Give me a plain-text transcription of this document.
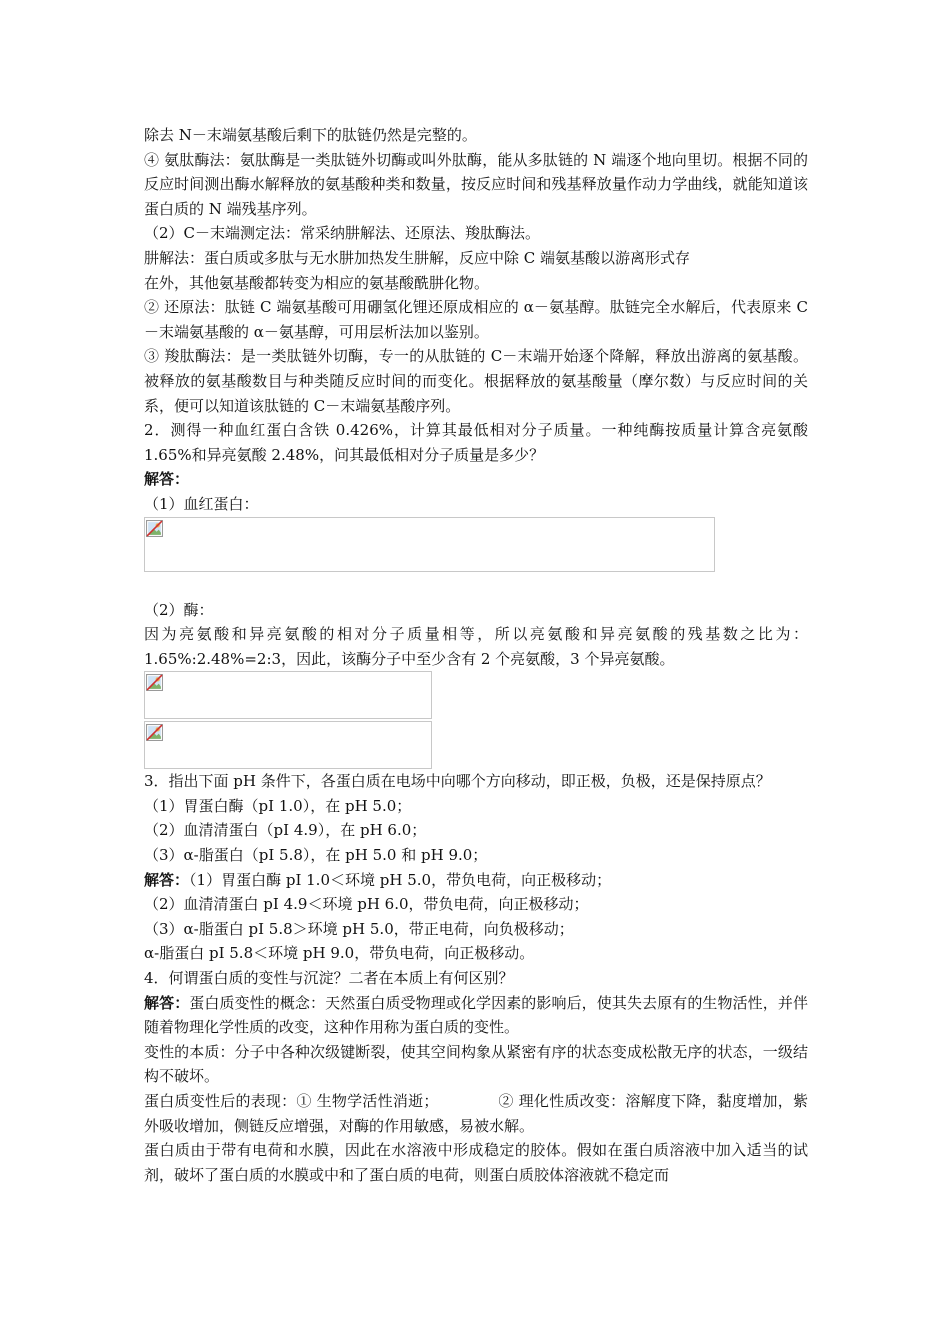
除去 N－末端氨基酸后剩下的肽链仍然是完整的。

④ 氨肽酶法：氨肽酶是一类肽链外切酶或叫外肽酶，能从多肽链的 N 端逐个地向里切。根据不同的反应时间测出酶水解释放的氨基酸种类和数量，按反应时间和残基释放量作动力学曲线，就能知道该蛋白质的 N 端残基序列。

（2）C－末端测定法：常采纳肼解法、还原法、羧肽酶法。

肼解法：蛋白质或多肽与无水肼加热发生肼解，反应中除 C 端氨基酸以游离形式存

在外，其他氨基酸都转变为相应的氨基酸酰肼化物。

② 还原法：肽链 C 端氨基酸可用硼氢化锂还原成相应的 α－氨基醇。肽链完全水解后，代表原来 C－末端氨基酸的 α－氨基醇，可用层析法加以鉴别。

③ 羧肽酶法：是一类肽链外切酶，专一的从肽链的 C－末端开始逐个降解，释放出游离的氨基酸。被释放的氨基酸数目与种类随反应时间的而变化。根据释放的氨基酸量（摩尔数）与反应时间的关系，便可以知道该肽链的 C－末端氨基酸序列。

2．测得一种血红蛋白含铁 0.426%，计算其最低相对分子质量。一种纯酶按质量计算含亮氨酸 1.65%和异亮氨酸 2.48%，问其最低相对分子质量是多少？

解答：

（1）血红蛋白：

（2）酶：

因为亮氨酸和异亮氨酸的相对分子质量相等，所以亮氨酸和异亮氨酸的残基数之比为：1.65%:2.48%=2:3，因此，该酶分子中至少含有 2 个亮氨酸，3 个异亮氨酸。

3．指出下面 pH 条件下，各蛋白质在电场中向哪个方向移动，即正极，负极，还是保持原点？

（1）胃蛋白酶（pI 1.0），在 pH 5.0；

（2）血清清蛋白（pI 4.9），在 pH 6.0；

（3）α-脂蛋白（pI 5.8），在 pH 5.0 和 pH 9.0；

解答：（1）胃蛋白酶 pI 1.0＜环境 pH 5.0，带负电荷，向正极移动；

（2）血清清蛋白 pI 4.9＜环境 pH 6.0，带负电荷，向正极移动；

（3）α-脂蛋白 pI 5.8＞环境 pH 5.0，带正电荷，向负极移动；

α-脂蛋白 pI 5.8＜环境 pH 9.0，带负电荷，向正极移动。

4．何谓蛋白质的变性与沉淀？二者在本质上有何区别？

解答：蛋白质变性的概念：天然蛋白质受物理或化学因素的影响后，使其失去原有的生物活性，并伴随着物理化学性质的改变，这种作用称为蛋白质的变性。

变性的本质：分子中各种次级键断裂，使其空间构象从紧密有序的状态变成松散无序的状态，一级结构不破坏。

蛋白质变性后的表现：① 生物学活性消逝；            ② 理化性质改变：溶解度下降，黏度增加，紫外吸收增加，侧链反应增强，对酶的作用敏感，易被水解。

蛋白质由于带有电荷和水膜，因此在水溶液中形成稳定的胶体。假如在蛋白质溶液中加入适当的试剂，破坏了蛋白质的水膜或中和了蛋白质的电荷，则蛋白质胶体溶液就不稳定而
